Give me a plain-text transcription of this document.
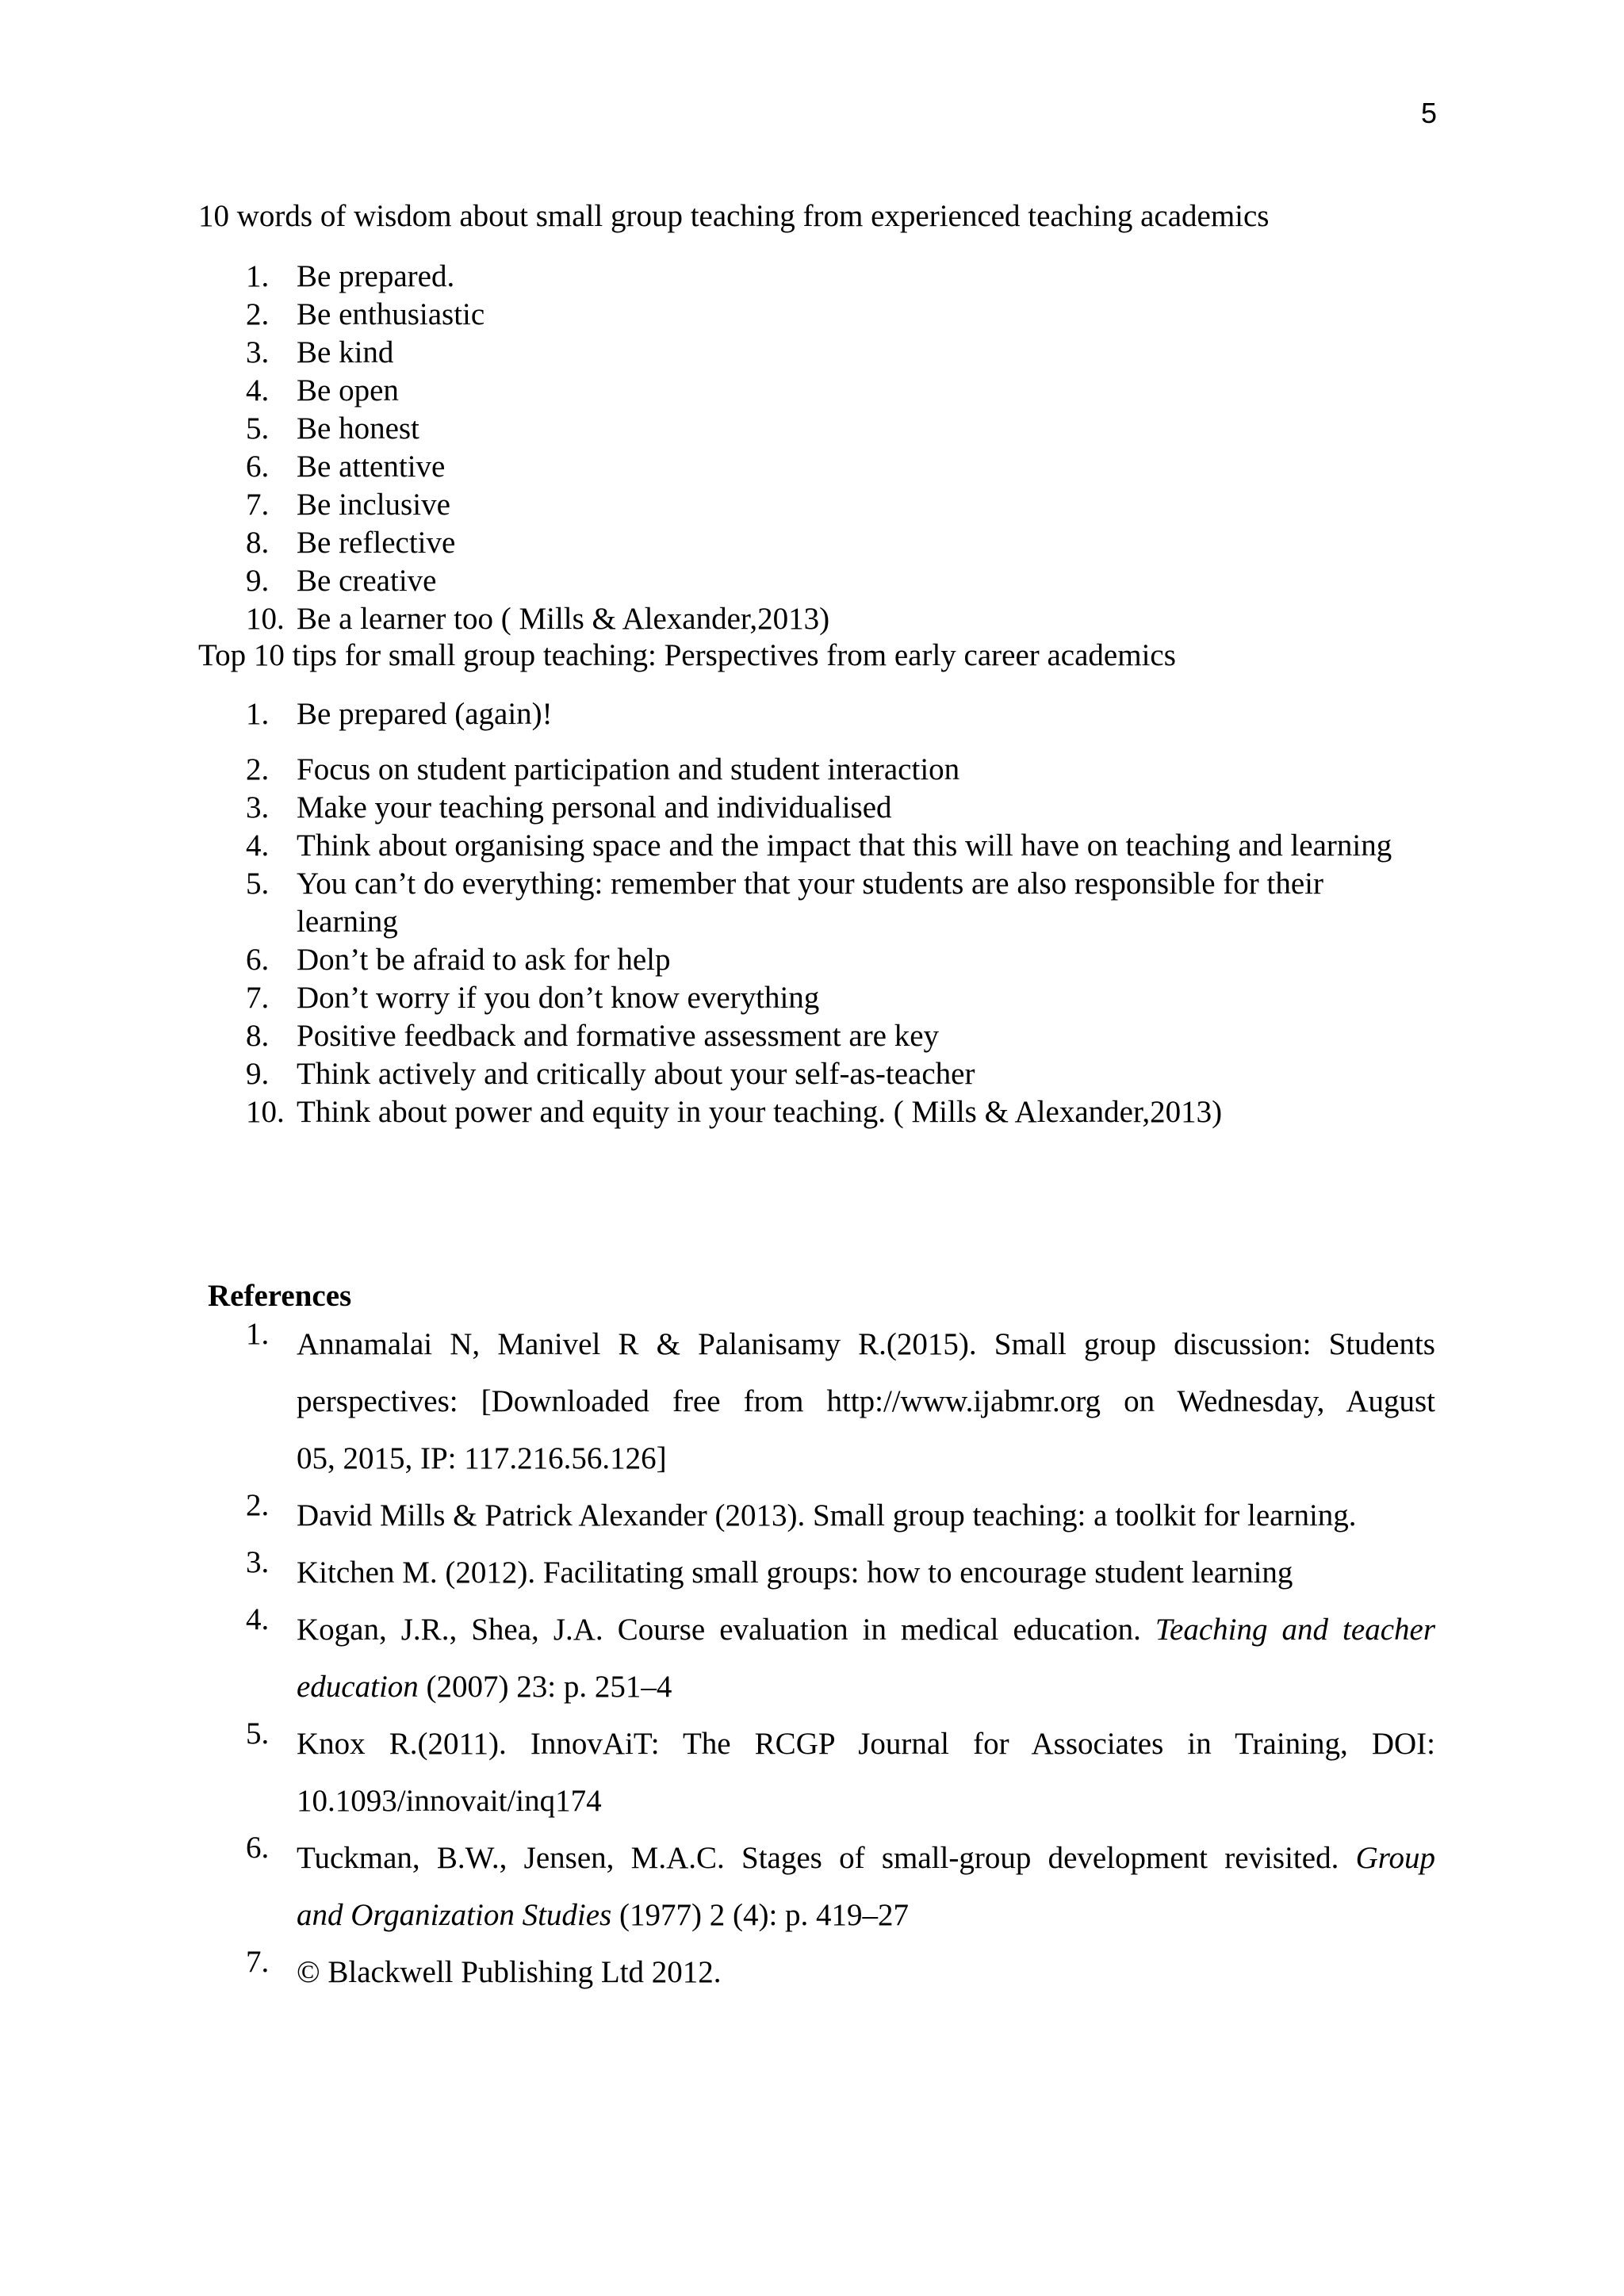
5
10 words of wisdom about small group teaching from experienced teaching academics
1. Be prepared.
2. Be enthusiastic
3. Be kind
4. Be open
5. Be honest
6. Be attentive
7. Be inclusive
8. Be reflective
9. Be creative
10. Be a learner too ( Mills & Alexander,2013)
Top 10 tips for small group teaching: Perspectives from early career academics
1. Be prepared (again)!
2. Focus on student participation and student interaction
3. Make your teaching personal and individualised
4. Think about organising space and the impact that this will have on teaching and learning
5. You can’t do everything: remember that your students are also responsible for their
learning
6. Don’t be afraid to ask for help
7. Don’t worry if you don’t know everything
8. Positive feedback and formative assessment are key
9. Think actively and critically about your self-as-teacher
10. Think about power and equity in your teaching. ( Mills & Alexander,2013)
References
1. Annamalai N, Manivel R & Palanisamy R.(2015). Small group discussion: Students
perspectives: [Downloaded free from http://www.ijabmr.org on Wednesday, August
05, 2015, IP: 117.216.56.126]
2. David Mills & Patrick Alexander (2013). Small group teaching: a toolkit for learning.
3. Kitchen M. (2012). Facilitating small groups: how to encourage student learning
4. Kogan, J.R., Shea, J.A. Course evaluation in medical education. Teaching and teacher
education (2007) 23: p. 251–4
5. Knox R.(2011). InnovAiT: The RCGP Journal for Associates in Training, DOI:
10.1093/innovait/inq174
6. Tuckman, B.W., Jensen, M.A.C. Stages of small-group development revisited. Group
and Organization Studies (1977) 2 (4): p. 419–27
7. © Blackwell Publishing Ltd 2012.
